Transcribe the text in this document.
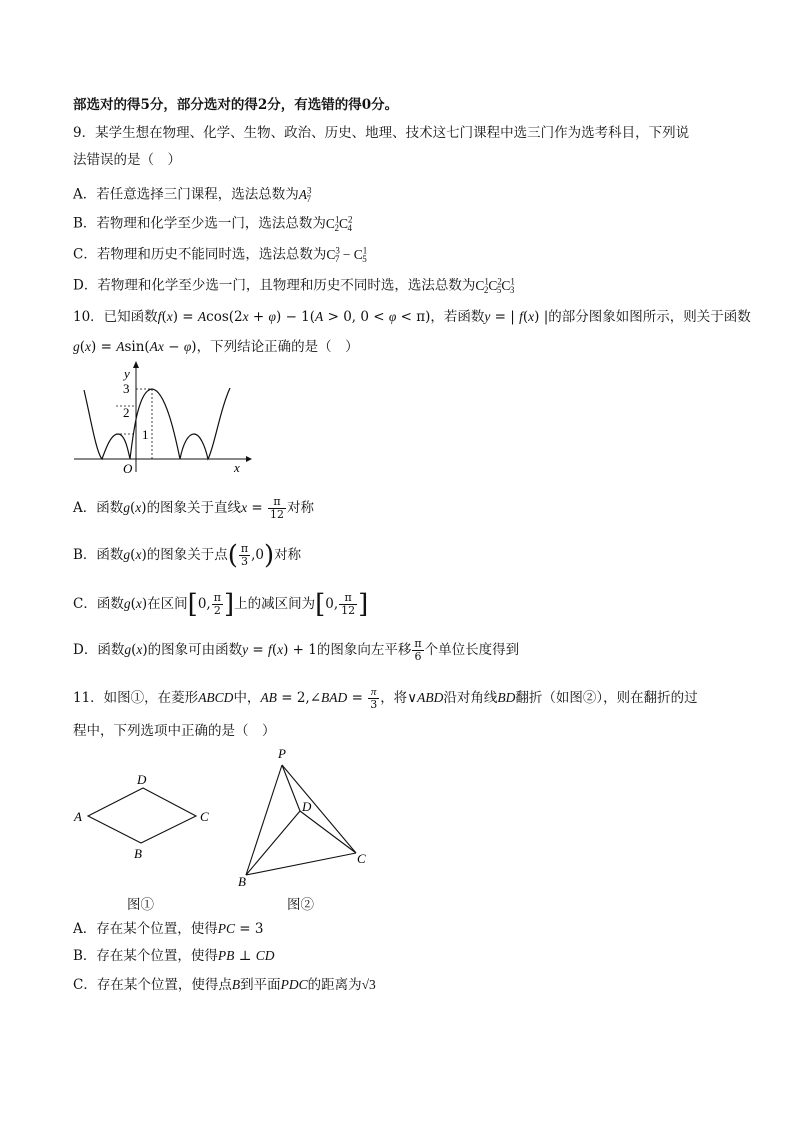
部选对的得5分，部分选对的得2分，有选错的得0分。
9．某学生想在物理、化学、生物、政治、历史、地理、技术这七门课程中选三门作为选考科目，下列说
法错误的是（　）
A．若任意选择三门课程，选法总数为$A^3_7$
B．若物理和化学至少选一门，选法总数为$C^1_2C^2_4$
C．若物理和历史不能同时选，选法总数为$C^3_7 - C^1_5$
D．若物理和化学至少选一门，且物理和历史不同时选，选法总数为$C^1_2C^2_5C^1_3$
10．已知函数f(x) = Acos(2x + φ) − 1(A > 0, 0 < φ < π)，若函数y = | f(x) |的部分图象如图所示，则关于函数
g(x) = Asin(Ax − φ)，下列结论正确的是（　）
y
x
O
3
2
1
A．函数g(x)的图象关于直线$x = \frac{\pi}{12}$ 对称
B．函数g(x)的图象关于点( $\frac{\pi}{3} ,0$)对称
C．函数g(x)在区间[0, $\frac{\pi}{2}$ ]上的减区间为[0, $\frac{\pi}{12}$ ]
D．函数g(x)的图象可由函数y = f(x) + 1的图象向左平移 $\frac{\pi}{6}$ 个单位长度得到
11．如图①，在菱形ABCD中，AB = 2,∠BAD = $\frac{\pi}{3}$ ，将∨ABD沿对角线BD翻折（如图②），则在翻折的过
程中，下列选项中正确的是（　）
A
D
C
B
图①
P
D
C
B
图②
A．存在某个位置，使得PC = 3
B．存在某个位置，使得PB ⊥ CD
C．存在某个位置，使得点B到平面PDC的距离为√3
